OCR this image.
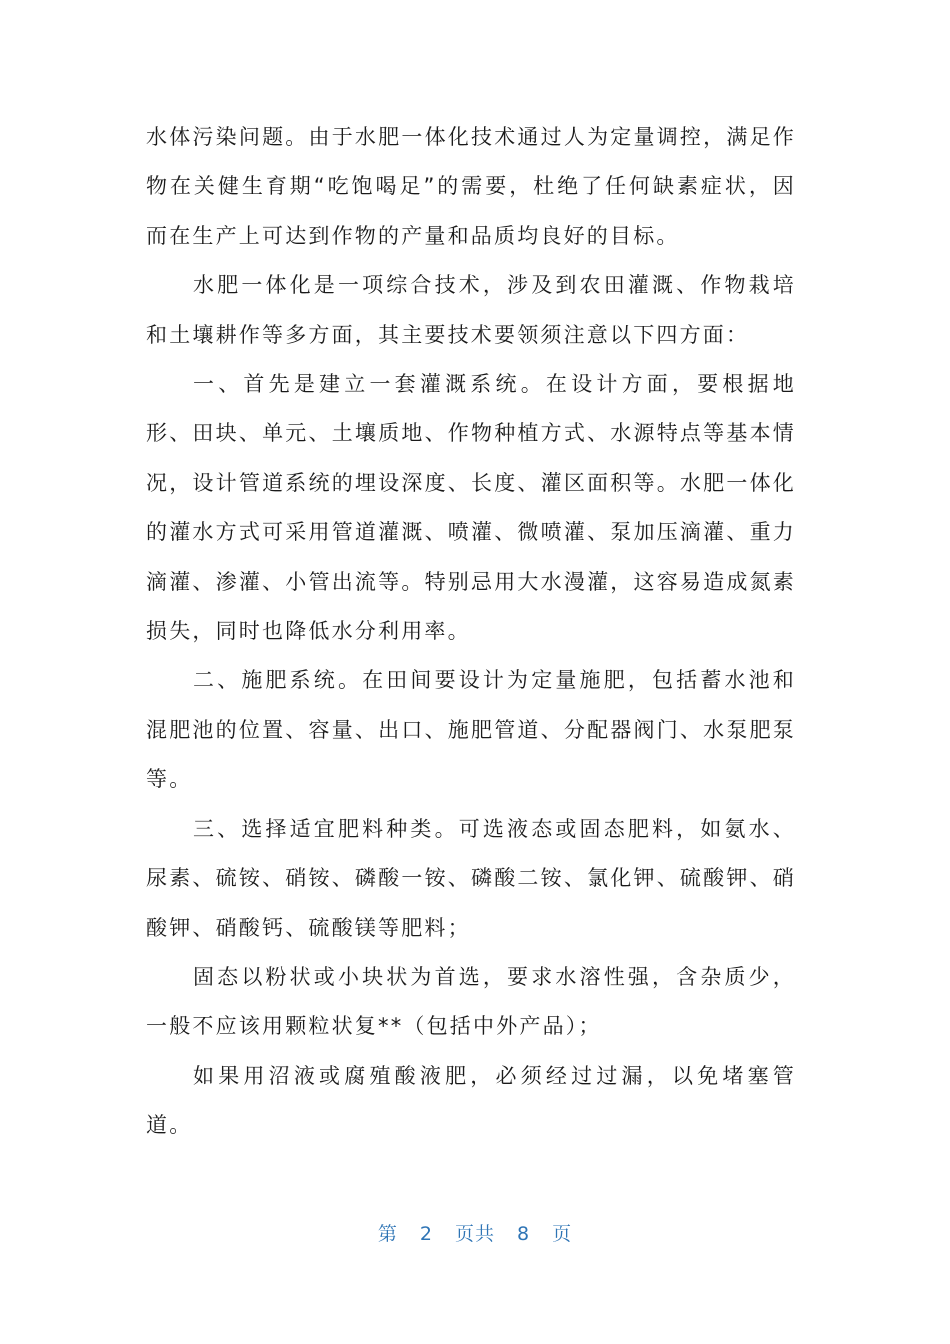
水体污染问题。由于水肥一体化技术通过人为定量调控，满足作物在关健生育期“吃饱喝足”的需要，杜绝了任何缺素症状，因而在生产上可达到作物的产量和品质均良好的目标。

水肥一体化是一项综合技术，涉及到农田灌溉、作物栽培和土壤耕作等多方面，其主要技术要领须注意以下四方面：

一、首先是建立一套灌溉系统。在设计方面，要根据地形、田块、单元、土壤质地、作物种植方式、水源特点等基本情况，设计管道系统的埋设深度、长度、灌区面积等。水肥一体化的灌水方式可采用管道灌溉、喷灌、微喷灌、泵加压滴灌、重力滴灌、渗灌、小管出流等。特别忌用大水漫灌，这容易造成氮素损失，同时也降低水分利用率。

二、施肥系统。在田间要设计为定量施肥，包括蓄水池和混肥池的位置、容量、出口、施肥管道、分配器阀门、水泵肥泵等。

三、选择适宜肥料种类。可选液态或固态肥料，如氨水、尿素、硫铵、硝铵、磷酸一铵、磷酸二铵、氯化钾、硫酸钾、硝酸钾、硝酸钙、硫酸镁等肥料；

固态以粉状或小块状为首选，要求水溶性强，含杂质少，一般不应该用颗粒状复**（包括中外产品）；

如果用沼液或腐殖酸液肥，必须经过过漏，以免堵塞管道。

第 2 页共 8 页
